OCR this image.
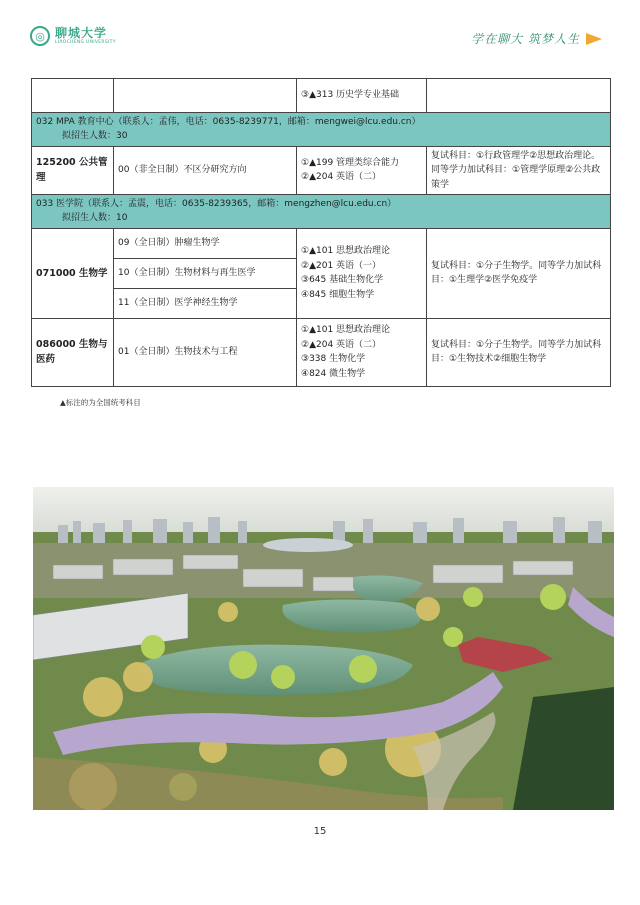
◎ 聊城大学
LIAOCHENG UNIVERSITY	学在聊大 筑梦人生
		③▲313 历史学专业基础	
032 MPA 教育中心（联系人：孟伟，电话：0635-8239771，邮箱：mengwei@lcu.edu.cn）
拟招生人数：30			

125200 公共管理	00（非全日制）不区分研究方向	①▲199 管理类综合能力
②▲204 英语（二）	复试科目：①行政管理学②思想政治理论。同等学力加试科目：①管理学原理②公共政策学
033 医学院（联系人：孟震，电话：0635-8239365，邮箱：mengzhen@lcu.edu.cn）
拟招生人数：10			

071000 生物学	09（全日制）肿瘤生物学	①▲101 思想政治理论
②▲201 英语（一）
③645 基础生物化学
④845 细胞生物学	复试科目：①分子生物学。同等学力加试科目：①生理学②医学免疫学
	10（全日制）生物材料与再生医学		
	11（全日制）医学神经生物学		
086000 生物与医药	01（全日制）生物技术与工程	①▲101 思想政治理论
②▲204 英语（二）
③338 生物化学
④824 微生物学	复试科目：①分子生物学。同等学力加试科目：①生物技术②细胞生物学
▲标注的为全国统考科目
15
